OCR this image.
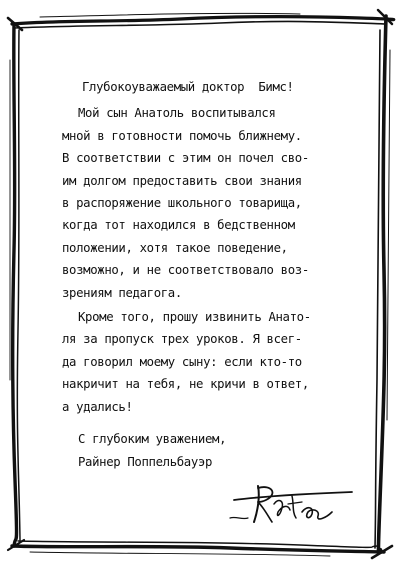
Глубокоуважаемый доктор  Бимс!
Мой сын Анатоль воспитывался
мной в готовности помочь ближнему.
В соответствии с этим он почел сво-
им долгом предоставить свои знания
в распоряжение школьного товарища,
когда тот находился в бедственном
положении, хотя такое поведение,
возможно, и не соответствовало воз-
зрениям педагога.
Кроме того, прошу извинить Анато-
ля за пропуск трех уроков. Я всег-
да говорил моему сыну: если кто-то
накричит на тебя, не кричи в ответ,
а удались!
С глубоким уважением,
Райнер Поппельбауэр
